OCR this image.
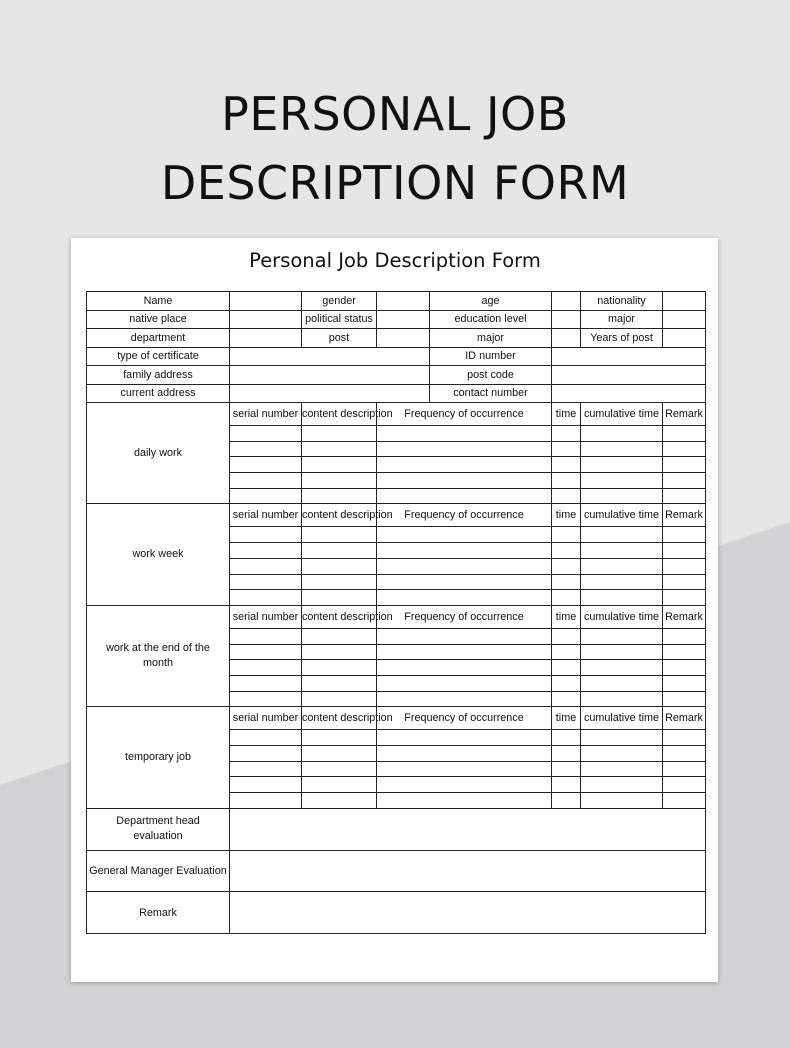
PERSONAL JOB
DESCRIPTION FORM
Personal Job Description Form
Name		gender		age		nationality	
native place		political status		education level		major	
department		post		major		Years of post	
type of certificate				ID number			
family address				post code			
current address				contact number			
daily work	serial number	content description	Frequency of occurrence		time	cumulative time	Remark

work week	serial number	content description	Frequency of occurrence		time	cumulative time	Remark

work at the end of the month	serial number	content description	Frequency of occurrence		time	cumulative time	Remark

temporary job	serial number	content description	Frequency of occurrence		time	cumulative time	Remark

Department head evaluation							
General Manager Evaluation							
Remark							
